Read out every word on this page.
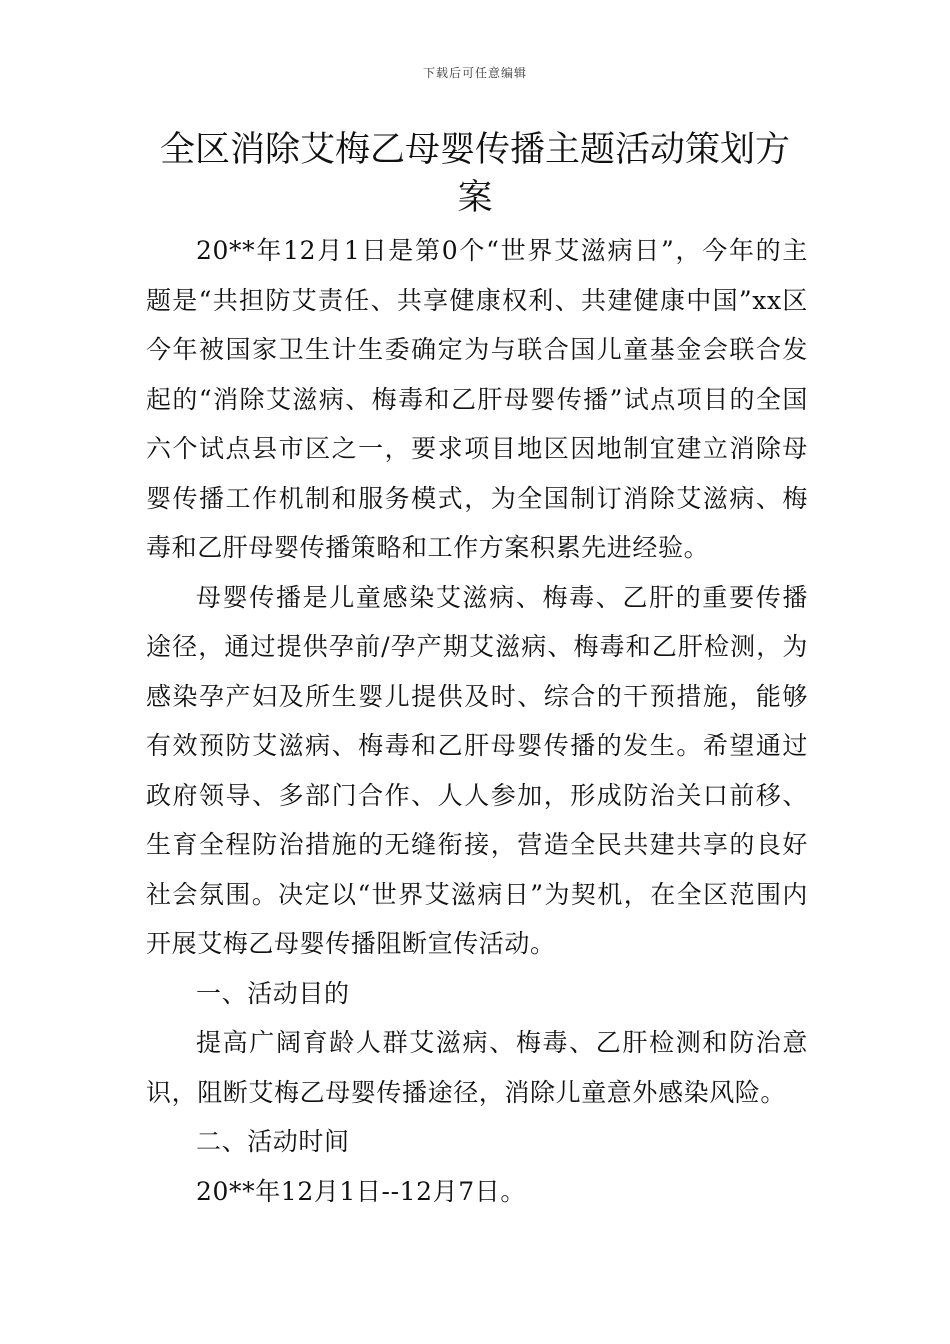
下载后可任意编辑
全区消除艾梅乙母婴传播主题活动策划方案

20**年12月1日是第0个“世界艾滋病日”，今年的主题是“共担防艾责任、共享健康权利、共建健康中国”xx区今年被国家卫生计生委确定为与联合国儿童基金会联合发起的“消除艾滋病、梅毒和乙肝母婴传播”试点项目的全国六个试点县市区之一，要求项目地区因地制宜建立消除母婴传播工作机制和服务模式，为全国制订消除艾滋病、梅毒和乙肝母婴传播策略和工作方案积累先进经验。

母婴传播是儿童感染艾滋病、梅毒、乙肝的重要传播途径，通过提供孕前/孕产期艾滋病、梅毒和乙肝检测，为感染孕产妇及所生婴儿提供及时、综合的干预措施，能够有效预防艾滋病、梅毒和乙肝母婴传播的发生。希望通过政府领导、多部门合作、人人参加，形成防治关口前移、生育全程防治措施的无缝衔接，营造全民共建共享的良好社会氛围。决定以“世界艾滋病日”为契机，在全区范围内开展艾梅乙母婴传播阻断宣传活动。

一、活动目的

提高广阔育龄人群艾滋病、梅毒、乙肝检测和防治意识，阻断艾梅乙母婴传播途径，消除儿童意外感染风险。

二、活动时间

20**年12月1日--12月7日。
